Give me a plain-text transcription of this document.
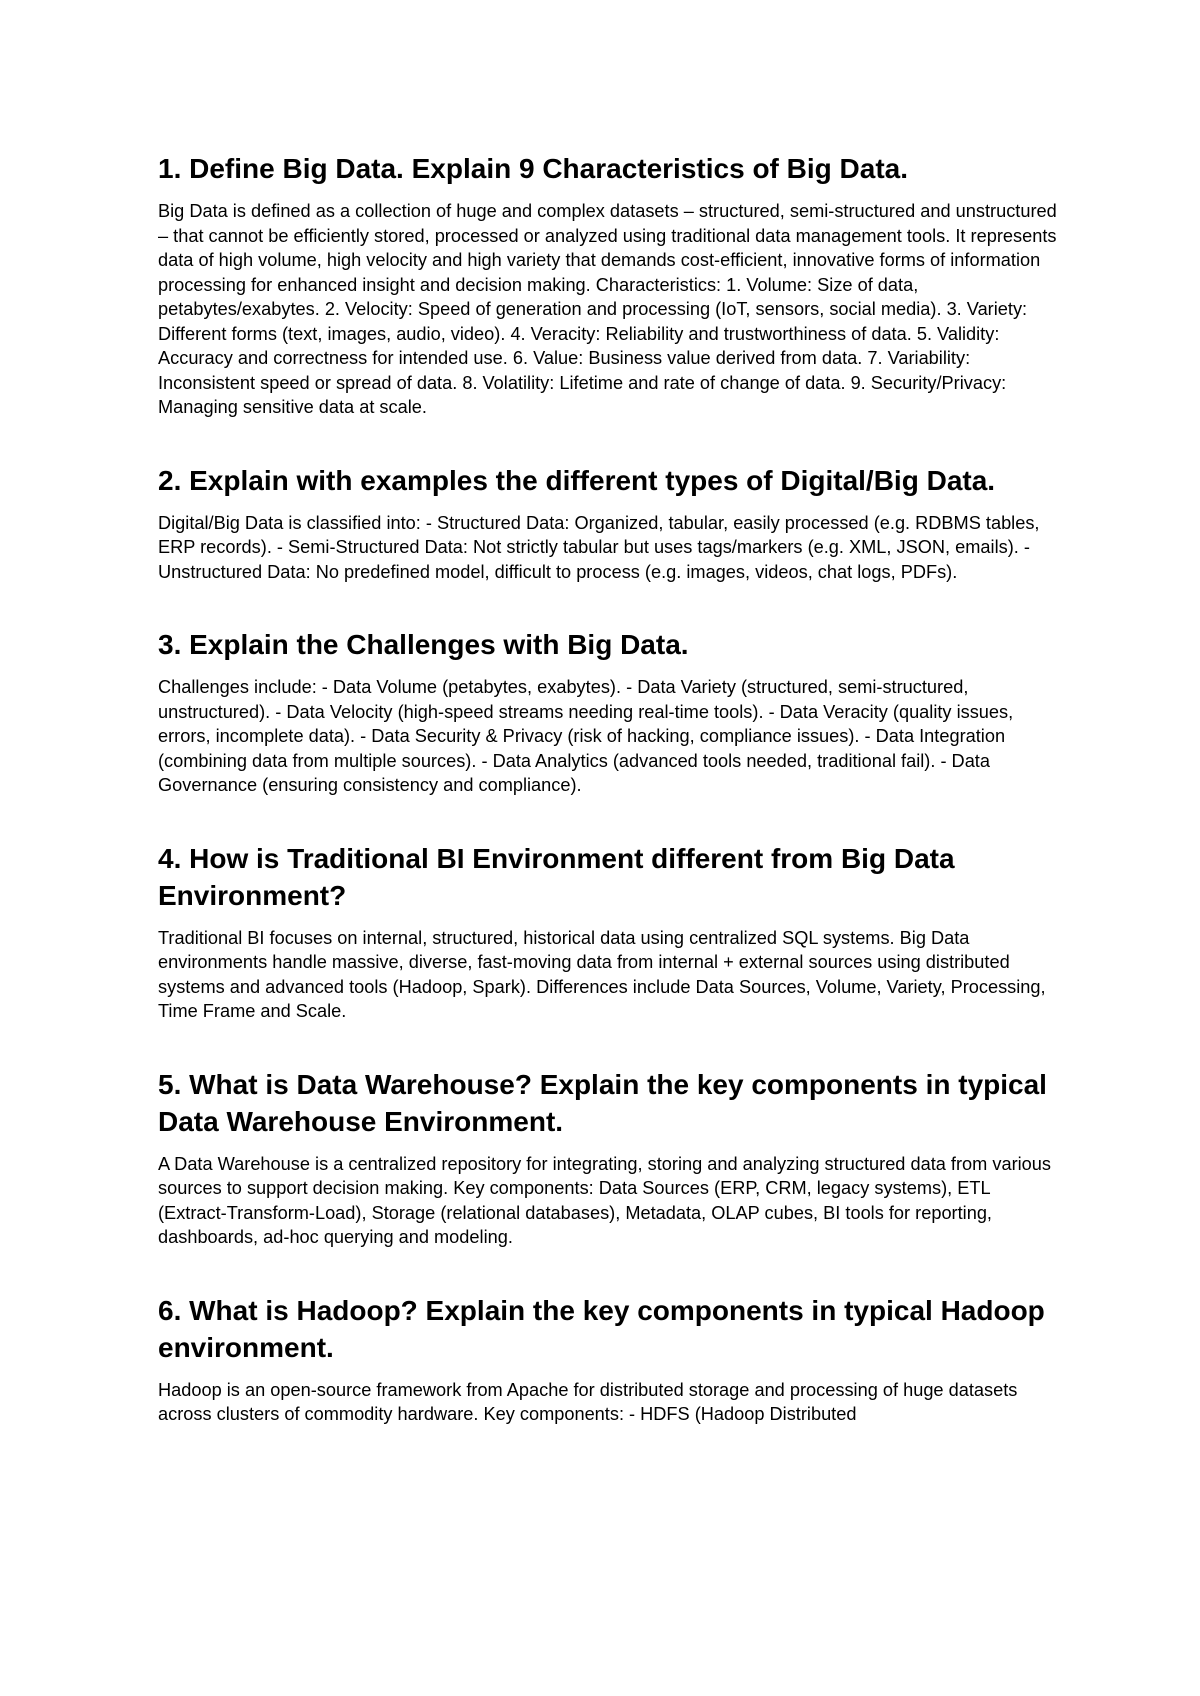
1. Define Big Data. Explain 9 Characteristics of Big Data.

Big Data is defined as a collection of huge and complex datasets – structured, semi-structured and unstructured – that cannot be efficiently stored, processed or analyzed using traditional data management tools. It represents data of high volume, high velocity and high variety that demands cost-efficient, innovative forms of information processing for enhanced insight and decision making. Characteristics: 1. Volume: Size of data, petabytes/exabytes. 2. Velocity: Speed of generation and processing (IoT, sensors, social media). 3. Variety: Different forms (text, images, audio, video). 4. Veracity: Reliability and trustworthiness of data. 5. Validity: Accuracy and correctness for intended use. 6. Value: Business value derived from data. 7. Variability: Inconsistent speed or spread of data. 8. Volatility: Lifetime and rate of change of data. 9. Security/Privacy: Managing sensitive data at scale.

2. Explain with examples the different types of Digital/Big Data.

Digital/Big Data is classified into: - Structured Data: Organized, tabular, easily processed (e.g. RDBMS tables, ERP records). - Semi-Structured Data: Not strictly tabular but uses tags/markers (e.g. XML, JSON, emails). - Unstructured Data: No predefined model, difficult to process (e.g. images, videos, chat logs, PDFs).

3. Explain the Challenges with Big Data.

Challenges include: - Data Volume (petabytes, exabytes). - Data Variety (structured, semi-structured, unstructured). - Data Velocity (high-speed streams needing real-time tools). - Data Veracity (quality issues, errors, incomplete data). - Data Security & Privacy (risk of hacking, compliance issues). - Data Integration (combining data from multiple sources). - Data Analytics (advanced tools needed, traditional fail). - Data Governance (ensuring consistency and compliance).

4. How is Traditional BI Environment different from Big Data Environment?

Traditional BI focuses on internal, structured, historical data using centralized SQL systems. Big Data environments handle massive, diverse, fast-moving data from internal + external sources using distributed systems and advanced tools (Hadoop, Spark). Differences include Data Sources, Volume, Variety, Processing, Time Frame and Scale.

5. What is Data Warehouse? Explain the key components in typical Data Warehouse Environment.

A Data Warehouse is a centralized repository for integrating, storing and analyzing structured data from various sources to support decision making. Key components: Data Sources (ERP, CRM, legacy systems), ETL (Extract-Transform-Load), Storage (relational databases), Metadata, OLAP cubes, BI tools for reporting, dashboards, ad-hoc querying and modeling.

6. What is Hadoop? Explain the key components in typical Hadoop environment.

Hadoop is an open-source framework from Apache for distributed storage and processing of huge datasets across clusters of commodity hardware. Key components: - HDFS (Hadoop Distributed
